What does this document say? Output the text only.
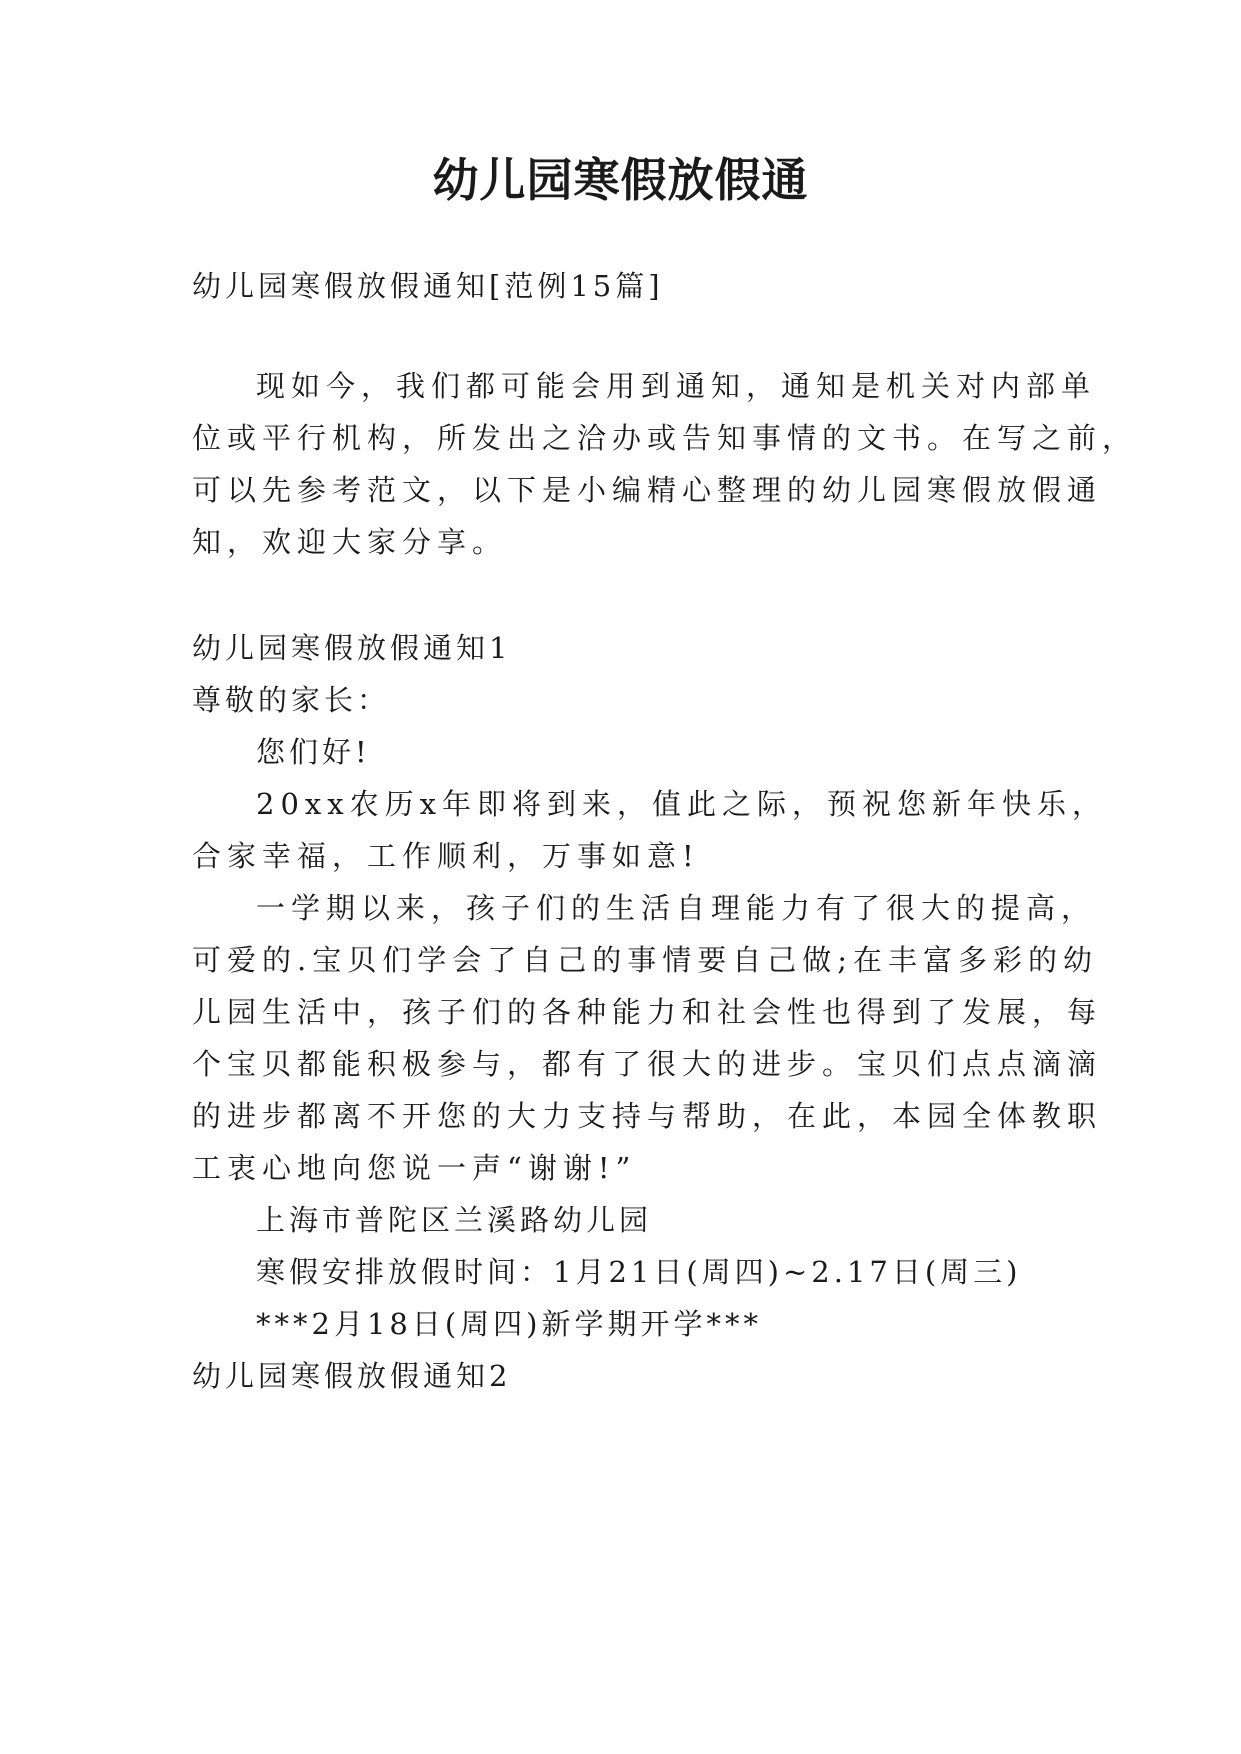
幼儿园寒假放假通
幼儿园寒假放假通知[范例15篇]
现如今，我们都可能会用到通知，通知是机关对内部单
位或平行机构，所发出之洽办或告知事情的文书。在写之前，
可以先参考范文，以下是小编精心整理的幼儿园寒假放假通
知，欢迎大家分享。
幼儿园寒假放假通知1
尊敬的家长：
您们好!
20xx农历x年即将到来，值此之际，预祝您新年快乐，
合家幸福，工作顺利，万事如意!
一学期以来，孩子们的生活自理能力有了很大的提高，
可爱的.宝贝们学会了自己的事情要自己做;在丰富多彩的幼
儿园生活中，孩子们的各种能力和社会性也得到了发展，每
个宝贝都能积极参与，都有了很大的进步。宝贝们点点滴滴
的进步都离不开您的大力支持与帮助，在此，本园全体教职
工衷心地向您说一声“谢谢!”
上海市普陀区兰溪路幼儿园
寒假安排放假时间：1月21日(周四)~2.17日(周三)
***2月18日(周四)新学期开学***
幼儿园寒假放假通知2
